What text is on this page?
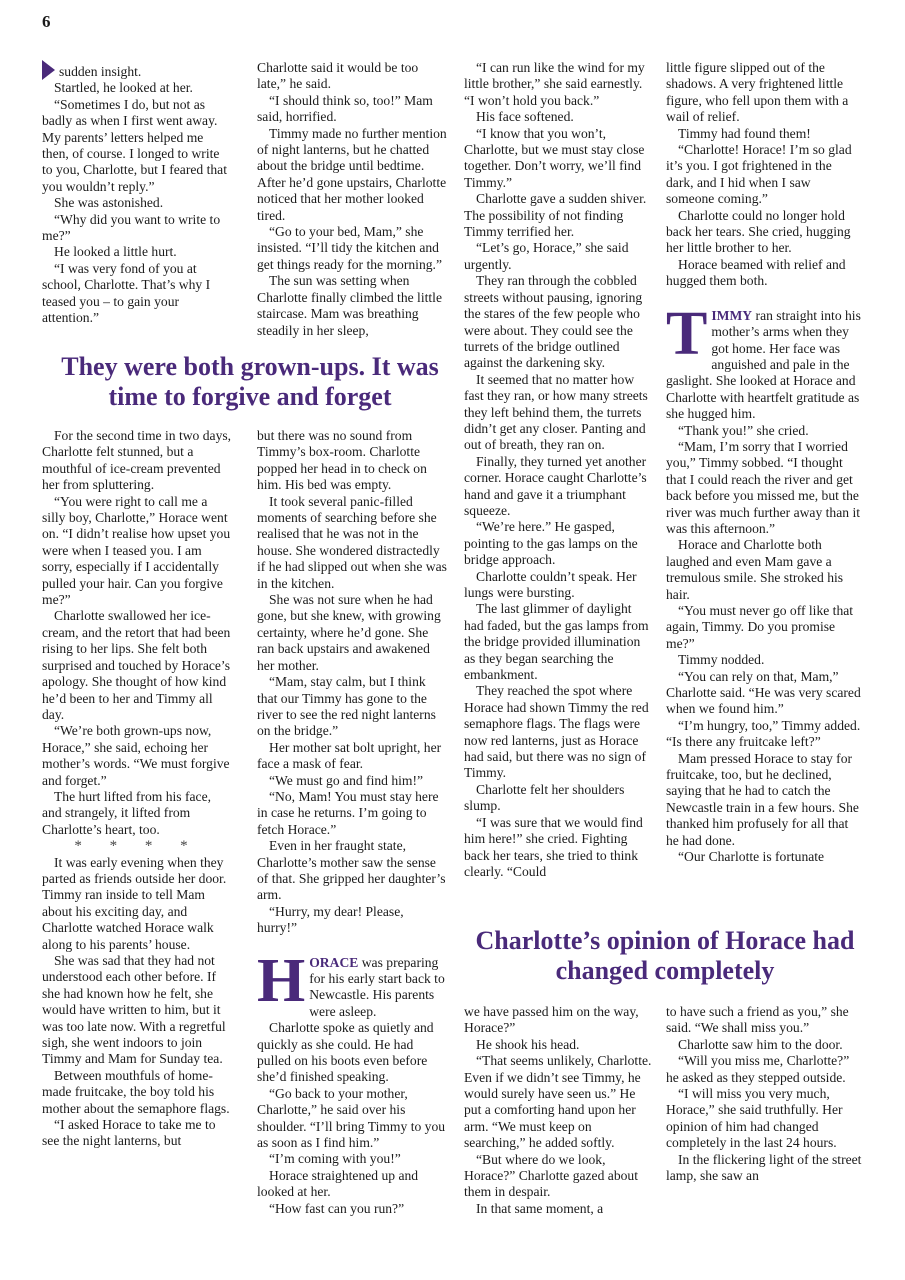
6

sudden insight.

Startled, he looked at her.

“Sometimes I do, but not as badly as when I first went away. My parents’ letters helped me then, of course. I longed to write to you, Charlotte, but I feared that you wouldn’t reply.”

She was astonished.

“Why did you want to write to me?”

He looked a little hurt.

“I was very fond of you at school, Charlotte. That’s why I teased you – to gain your attention.”

Charlotte said it would be too late,” he said.

“I should think so, too!” Mam said, horrified.

Timmy made no further mention of night lanterns, but he chatted about the bridge until bedtime. After he’d gone upstairs, Charlotte noticed that her mother looked tired.

“Go to your bed, Mam,” she insisted. “I’ll tidy the kitchen and get things ready for the morning.”

The sun was setting when Charlotte finally climbed the little staircase. Mam was breathing steadily in her sleep,

“I can run like the wind for my little brother,” she said earnestly. “I won’t hold you back.”

His face softened.

“I know that you won’t, Charlotte, but we must stay close together. Don’t worry, we’ll find Timmy.”

Charlotte gave a sudden shiver. The possibility of not finding Timmy terrified her.

“Let’s go, Horace,” she said urgently.

They ran through the cobbled streets without pausing, ignoring the stares of the few people who were about. They could see the turrets of the bridge outlined against the darkening sky.

It seemed that no matter how fast they ran, or how many streets they left behind them, the turrets didn’t get any closer. Panting and out of breath, they ran on.

Finally, they turned yet another corner. Horace caught Charlotte’s hand and gave it a triumphant squeeze.

“We’re here.” He gasped, pointing to the gas lamps on the bridge approach.

Charlotte couldn’t speak. Her lungs were bursting.

The last glimmer of daylight had faded, but the gas lamps from the bridge provided illumination as they began searching the embankment.

They reached the spot where Horace had shown Timmy the red semaphore flags. The flags were now red lanterns, just as Horace had said, but there was no sign of Timmy.

Charlotte felt her shoulders slump.

“I was sure that we would find him here!” she cried. Fighting back her tears, she tried to think clearly. “Could

little figure slipped out of the shadows. A very frightened little figure, who fell upon them with a wail of relief.

Timmy had found them!

“Charlotte! Horace! I’m so glad it’s you. I got frightened in the dark, and I hid when I saw someone coming.”

Charlotte could no longer hold back her tears. She cried, hugging her little brother to her.

Horace beamed with relief and hugged them both.

TIMMY ran straight into his mother’s arms when they got home. Her face was anguished and pale in the gaslight. She looked at Horace and Charlotte with heartfelt gratitude as she hugged him.

“Thank you!” she cried.

“Mam, I’m sorry that I worried you,” Timmy sobbed. “I thought that I could reach the river and get back before you missed me, but the river was much further away than it was this afternoon.”

Horace and Charlotte both laughed and even Mam gave a tremulous smile. She stroked his hair.

“You must never go off like that again, Timmy. Do you promise me?”

Timmy nodded.

“You can rely on that, Mam,” Charlotte said. “He was very scared when we found him.”

“I’m hungry, too,” Timmy added. “Is there any fruitcake left?”

Mam pressed Horace to stay for fruitcake, too, but he declined, saying that he had to catch the Newcastle train in a few hours. She thanked him profusely for all that he had done.

“Our Charlotte is fortunate

They were both grown-ups. It was time to forgive and forget

For the second time in two days, Charlotte felt stunned, but a mouthful of ice-cream prevented her from spluttering.

“You were right to call me a silly boy, Charlotte,” Horace went on. “I didn’t realise how upset you were when I teased you. I am sorry, especially if I accidentally pulled your hair. Can you forgive me?”

Charlotte swallowed her ice-cream, and the retort that had been rising to her lips. She felt both surprised and touched by Horace’s apology. She thought of how kind he’d been to her and Timmy all day.

“We’re both grown-ups now, Horace,” she said, echoing her mother’s words. “We must forgive and forget.”

The hurt lifted from his face, and strangely, it lifted from Charlotte’s heart, too.

* * * *

It was early evening when they parted as friends outside her door. Timmy ran inside to tell Mam about his exciting day, and Charlotte watched Horace walk along to his parents’ house.

She was sad that they had not understood each other before. If she had known how he felt, she would have written to him, but it was too late now. With a regretful sigh, she went indoors to join Timmy and Mam for Sunday tea.

Between mouthfuls of home-made fruitcake, the boy told his mother about the semaphore flags.

“I asked Horace to take me to see the night lanterns, but

but there was no sound from Timmy’s box-room. Charlotte popped her head in to check on him. His bed was empty.

It took several panic-filled moments of searching before she realised that he was not in the house. She wondered distractedly if he had slipped out when she was in the kitchen.

She was not sure when he had gone, but she knew, with growing certainty, where he’d gone. She ran back upstairs and awakened her mother.

“Mam, stay calm, but I think that our Timmy has gone to the river to see the red night lanterns on the bridge.”

Her mother sat bolt upright, her face a mask of fear.

“We must go and find him!”

“No, Mam! You must stay here in case he returns. I’m going to fetch Horace.”

Even in her fraught state, Charlotte’s mother saw the sense of that. She gripped her daughter’s arm.

“Hurry, my dear! Please, hurry!”

HORACE was preparing for his early start back to Newcastle. His parents were asleep.

Charlotte spoke as quietly and quickly as she could. He had pulled on his boots even before she’d finished speaking.

“Go back to your mother, Charlotte,” he said over his shoulder. “I’ll bring Timmy to you as soon as I find him.”

“I’m coming with you!”

Horace straightened up and looked at her.

“How fast can you run?”

Charlotte’s opinion of Horace had changed completely

we have passed him on the way, Horace?”

He shook his head.

“That seems unlikely, Charlotte. Even if we didn’t see Timmy, he would surely have seen us.” He put a comforting hand upon her arm. “We must keep on searching,” he added softly.

“But where do we look, Horace?” Charlotte gazed about them in despair.

In that same moment, a

to have such a friend as you,” she said. “We shall miss you.”

Charlotte saw him to the door.

“Will you miss me, Charlotte?” he asked as they stepped outside.

“I will miss you very much, Horace,” she said truthfully. Her opinion of him had changed completely in the last 24 hours.

In the flickering light of the street lamp, she saw an
